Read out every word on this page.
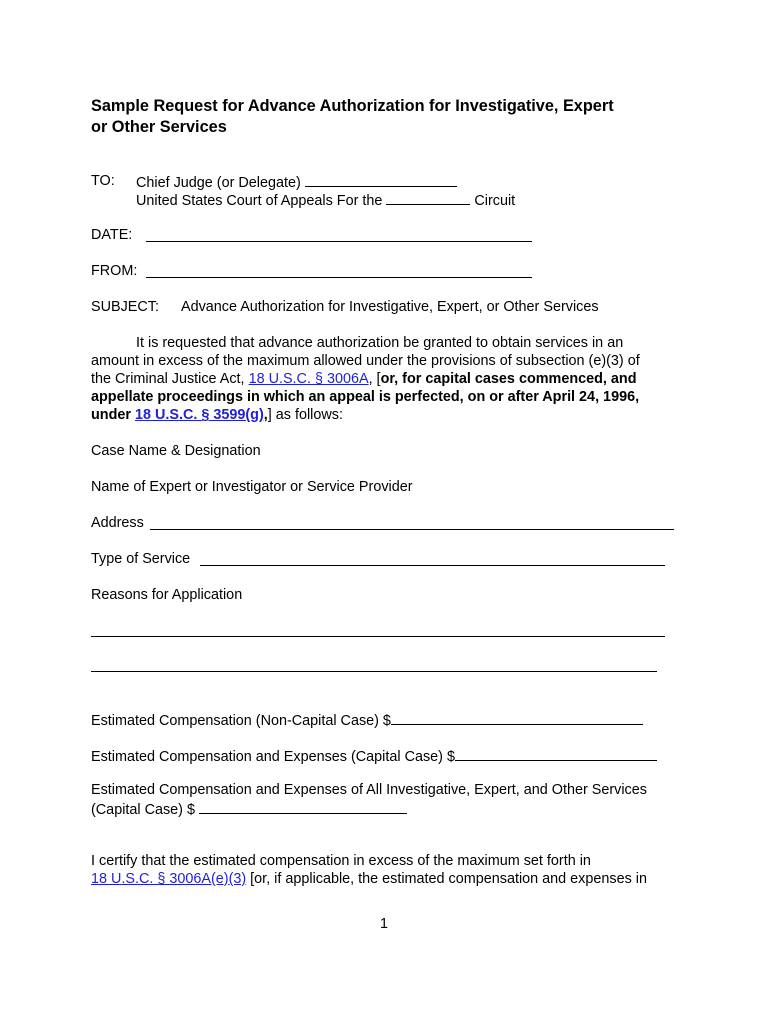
Sample Request for Advance Authorization for Investigative, Expert
or Other Services
TO: Chief Judge (or Delegate)
United States Court of Appeals For the	Circuit
DATE:
FROM:
SUBJECT: Advance Authorization for Investigative, Expert, or Other Services
It is requested that advance authorization be granted to obtain services in an
amount in excess of the maximum allowed under the provisions of subsection (e)(3) of
the Criminal Justice Act, 18 U.S.C. § 3006A, [or, for capital cases commenced, and
appellate proceedings in which an appeal is perfected, on or after April 24, 1996,
under 18 U.S.C. § 3599(g),] as follows:
Case Name & Designation
Name of Expert or Investigator or Service Provider
Address
Type of Service
Reasons for Application
Estimated Compensation (Non-Capital Case) $
Estimated Compensation and Expenses (Capital Case) $
Estimated Compensation and Expenses of All Investigative, Expert, and Other Services
(Capital Case) $
I certify that the estimated compensation in excess of the maximum set forth in
18 U.S.C. § 3006A(e)(3) [or, if applicable, the estimated compensation and expenses in
1
